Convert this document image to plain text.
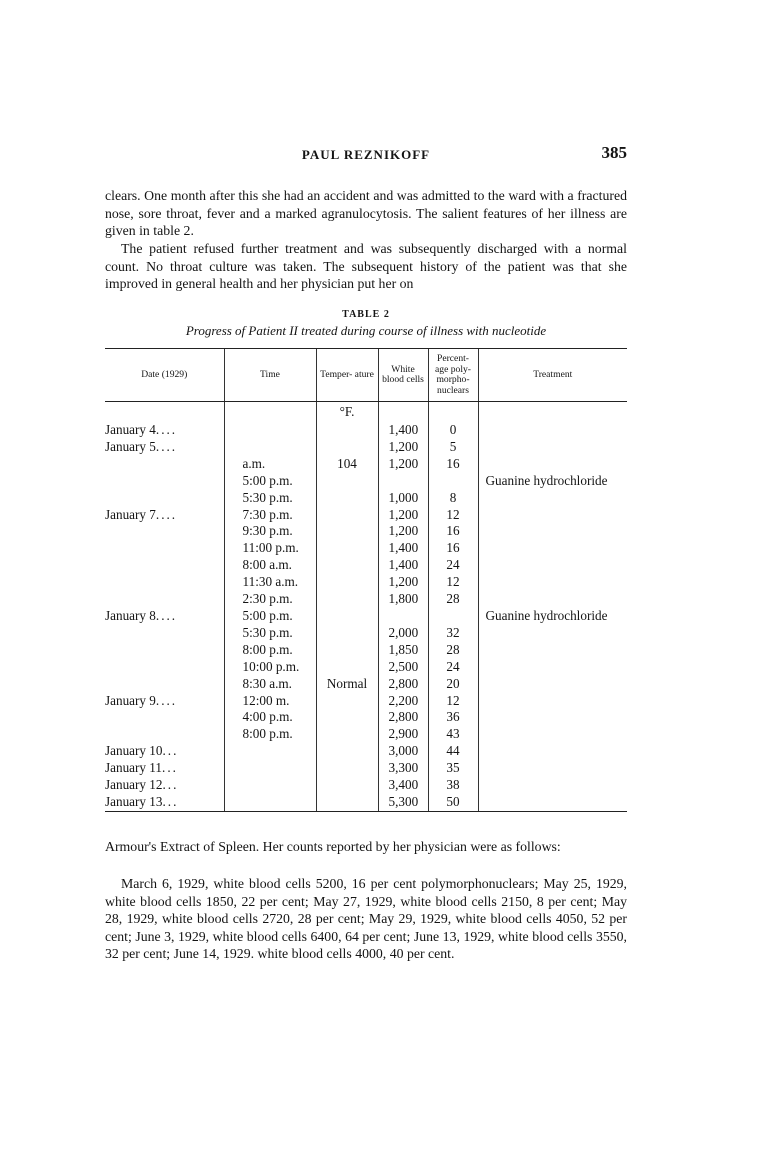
PAUL REZNIKOFF	385

clears. One month after this she had an accident and was admitted to the ward with a fractured nose, sore throat, fever and a marked agranulocytosis. The salient features of her illness are given in table 2.

The patient refused further treatment and was subsequently discharged with a normal count. No throat culture was taken. The subsequent history of the patient was that she improved in general health and her physician put her on

TABLE 2
Progress of Patient II treated during course of illness with nucleotide
Date (1929)	Time	Temper- ature	White blood cells	Percent- age poly- morpho- nuclears	Treatment
		°F.			
January 4....			1,400	0	
January 5....			1,200	5	
	a.m.	104	1,200	16	
	5:00 p.m.				Guanine hydrochloride
	5:30 p.m.		1,000	8	
January 7....	7:30 p.m.		1,200	12	
	9:30 p.m.		1,200	16	
	11:00 p.m.		1,400	16	
	8:00 a.m.		1,400	24	
	11:30 a.m.		1,200	12	
	2:30 p.m.		1,800	28	
January 8....	5:00 p.m.				Guanine hydrochloride
	5:30 p.m.		2,000	32	
	8:00 p.m.		1,850	28	
	10:00 p.m.		2,500	24	
	8:30 a.m.	Normal	2,800	20	
January 9....	12:00 m.		2,200	12	
	4:00 p.m.		2,800	36	
	8:00 p.m.		2,900	43	
January 10...			3,000	44	
January 11...			3,300	35	
January 12...			3,400	38	
January 13...			5,300	50	

Armour's Extract of Spleen. Her counts reported by her physician were as follows:

March 6, 1929, white blood cells 5200, 16 per cent polymorphonuclears; May 25, 1929, white blood cells 1850, 22 per cent; May 27, 1929, white blood cells 2150, 8 per cent; May 28, 1929, white blood cells 2720, 28 per cent; May 29, 1929, white blood cells 4050, 52 per cent; June 3, 1929, white blood cells 6400, 64 per cent; June 13, 1929, white blood cells 3550, 32 per cent; June 14, 1929. white blood cells 4000, 40 per cent.
